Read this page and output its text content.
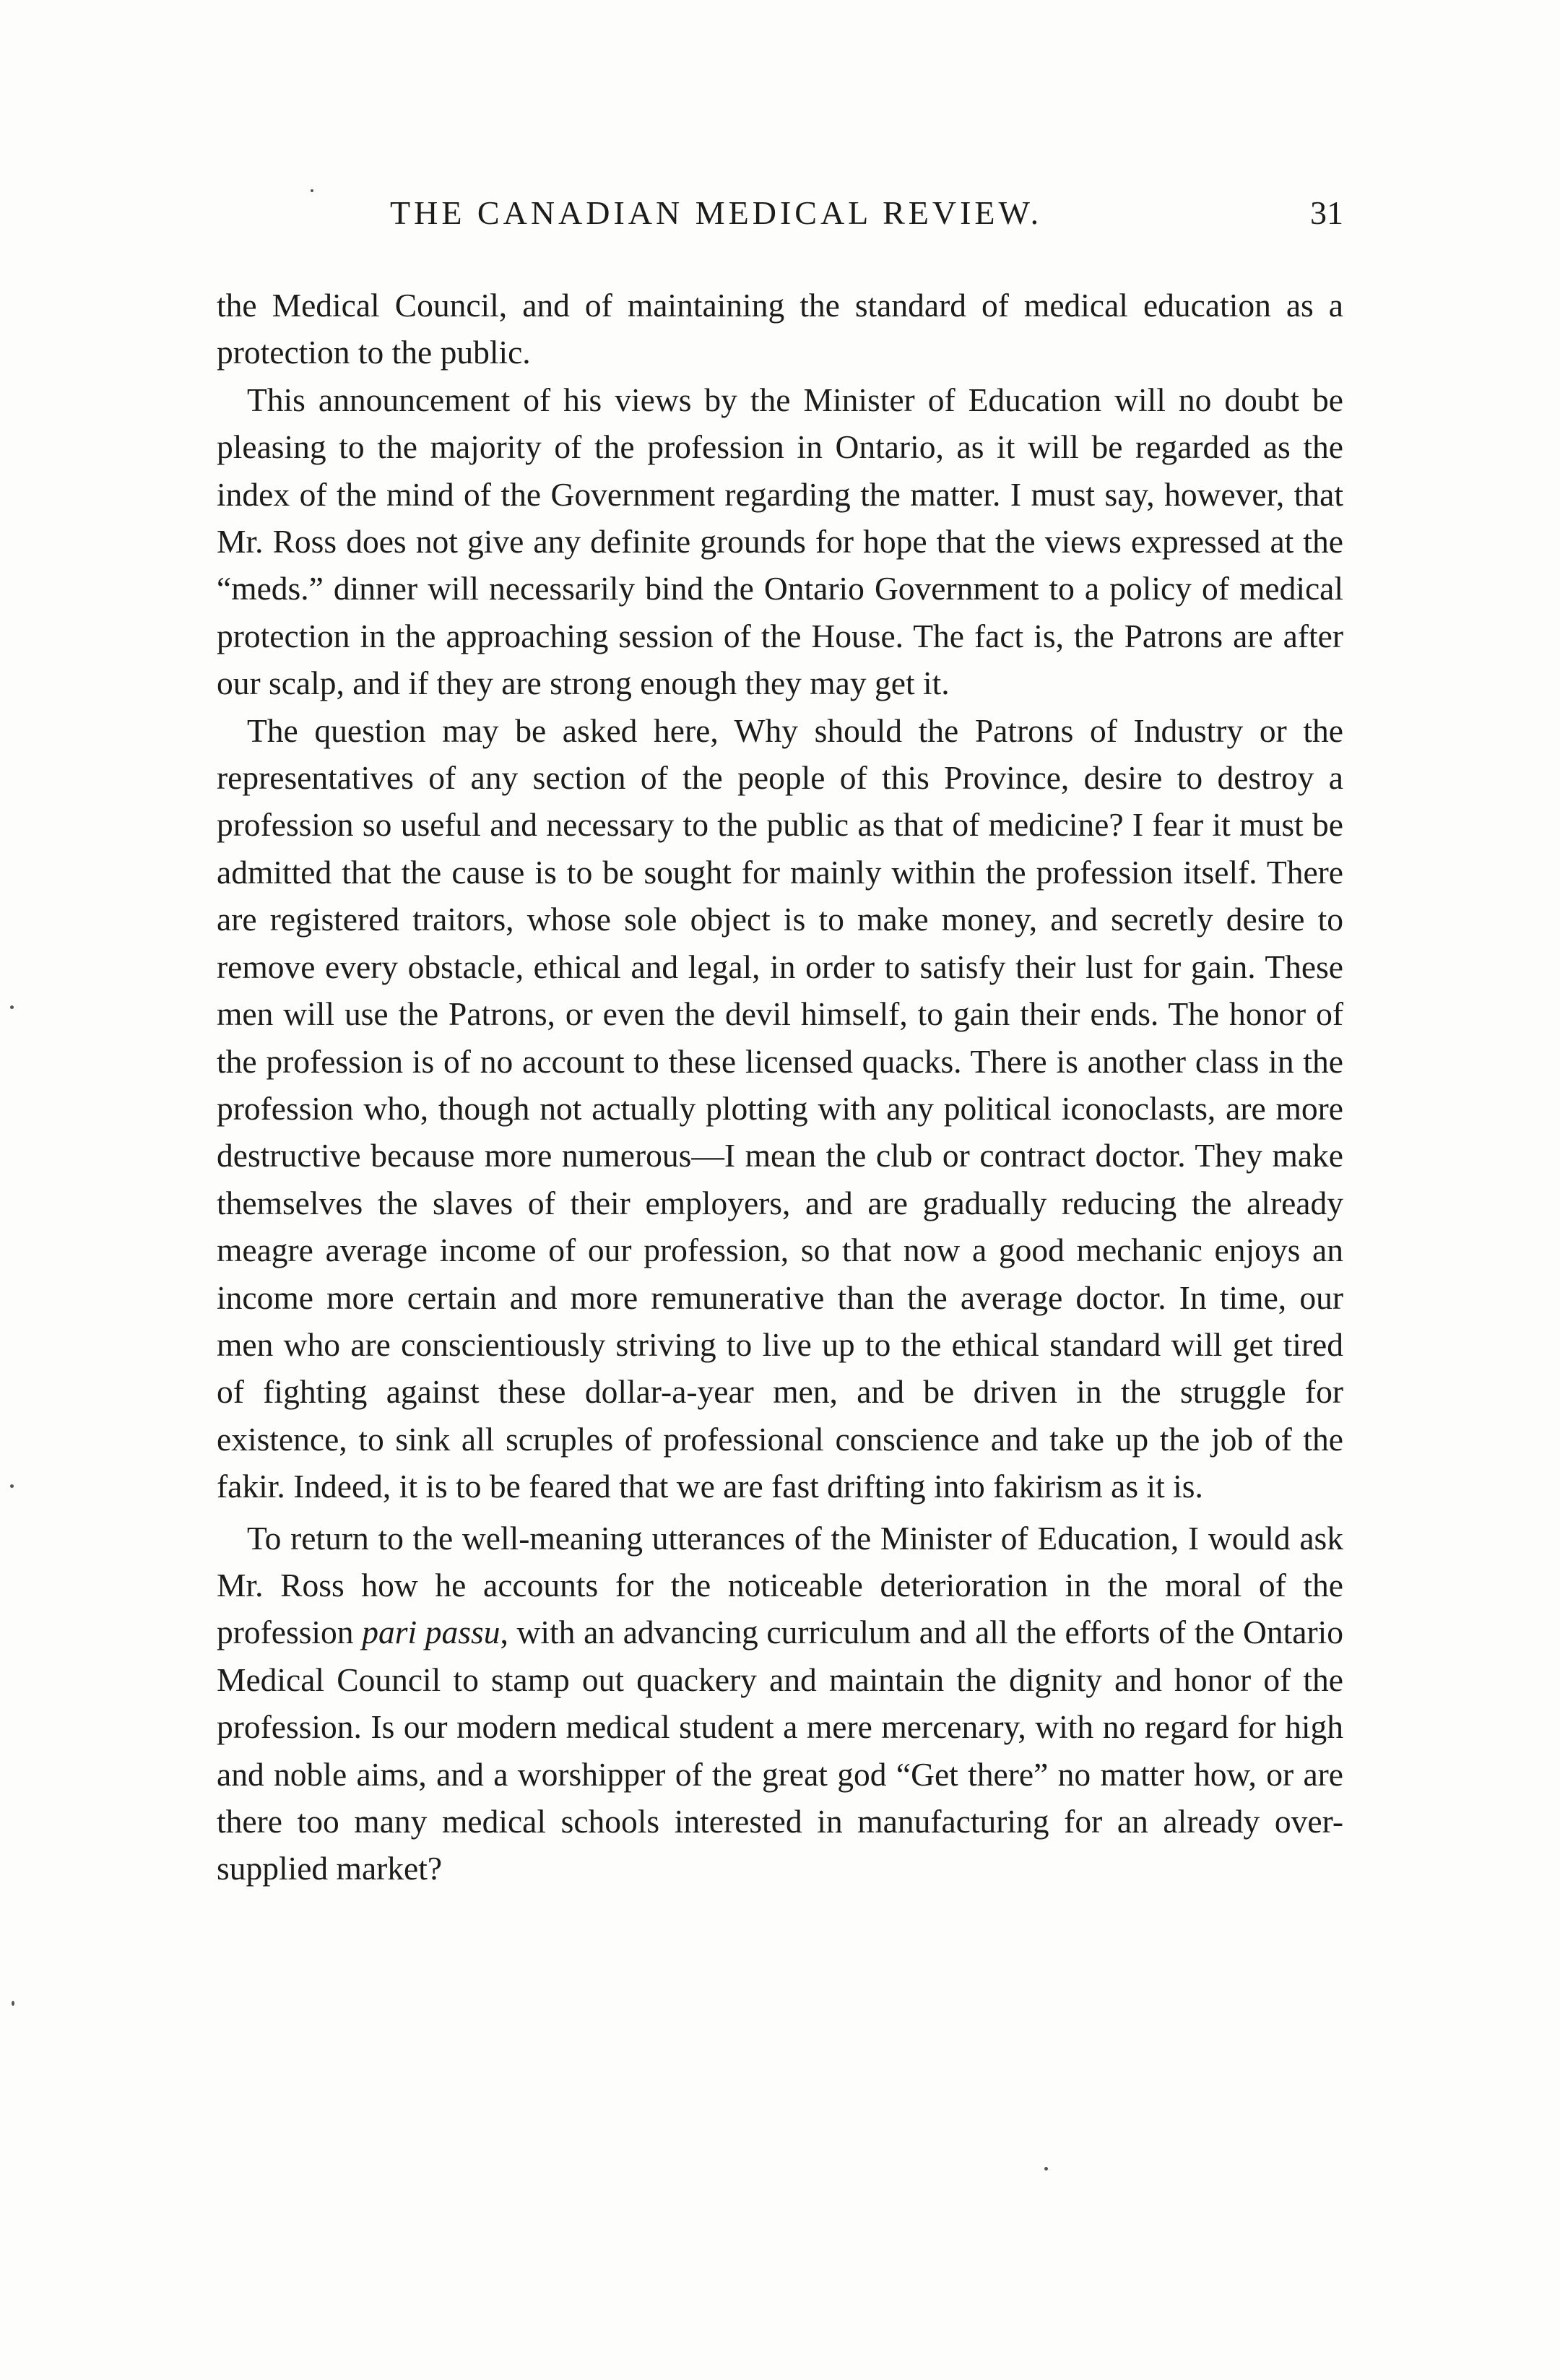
THE CANADIAN MEDICAL REVIEW.	31

the Medical Council, and of maintaining the standard of medical education as a protection to the public.

This announcement of his views by the Minister of Education will no doubt be pleasing to the majority of the profession in Ontario, as it will be regarded as the index of the mind of the Government regarding the matter. I must say, however, that Mr. Ross does not give any definite grounds for hope that the views expressed at the “meds.” dinner will necessarily bind the Ontario Government to a policy of medical protection in the approaching session of the House. The fact is, the Patrons are after our scalp, and if they are strong enough they may get it.

The question may be asked here, Why should the Patrons of Industry or the representatives of any section of the people of this Province, desire to destroy a profession so useful and necessary to the public as that of medicine? I fear it must be admitted that the cause is to be sought for mainly within the profession itself. There are registered traitors, whose sole object is to make money, and secretly desire to remove every obstacle, ethical and legal, in order to satisfy their lust for gain. These men will use the Patrons, or even the devil himself, to gain their ends. The honor of the profession is of no account to these licensed quacks. There is another class in the profession who, though not actually plotting with any political iconoclasts, are more destructive because more numerous—I mean the club or contract doctor. They make themselves the slaves of their employers, and are gradually reducing the already meagre average income of our profession, so that now a good mechanic enjoys an income more certain and more remunerative than the average doctor. In time, our men who are conscientiously striving to live up to the ethical standard will get tired of fighting against these dollar-a-year men, and be driven in the struggle for existence, to sink all scruples of professional conscience and take up the job of the fakir. Indeed, it is to be feared that we are fast drifting into fakirism as it is.

To return to the well-meaning utterances of the Minister of Education, I would ask Mr. Ross how he accounts for the noticeable deterioration in the moral of the profession pari passu, with an advancing curriculum and all the efforts of the Ontario Medical Council to stamp out quackery and maintain the dignity and honor of the profession. Is our modern medical student a mere mercenary, with no regard for high and noble aims, and a worshipper of the great god “Get there” no matter how, or are there too many medical schools interested in manufacturing for an already over-supplied market?
